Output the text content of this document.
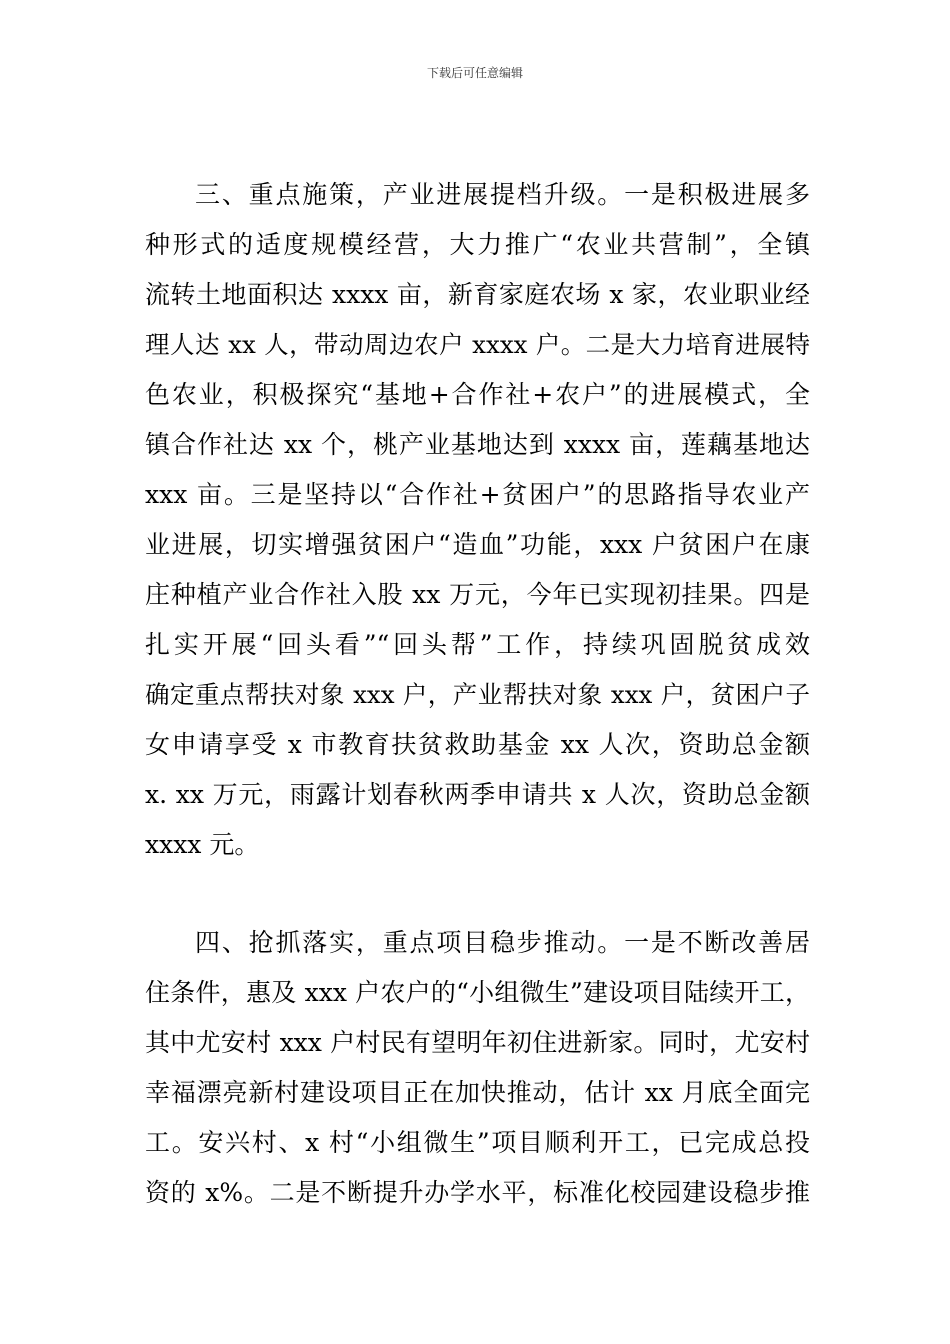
下载后可任意编辑
三、重点施策，产业进展提档升级。一是积极进展多
种形式的适度规模经营，大力推广“农业共营制”，全镇
流转土地面积达 xxxx 亩，新育家庭农场 x 家，农业职业经
理人达 xx 人，带动周边农户 xxxx 户。二是大力培育进展特
色农业，积极探究“基地+合作社+农户”的进展模式，全
镇合作社达 xx 个，桃产业基地达到 xxxx 亩，莲藕基地达
xxx 亩。三是坚持以“合作社+贫困户”的思路指导农业产
业进展，切实增强贫困户“造血”功能，xxx 户贫困户在康
庄种植产业合作社入股 xx 万元，今年已实现初挂果。四是
扎实开展“回头看”“回头帮”工作，持续巩固脱贫成效
确定重点帮扶对象 xxx 户，产业帮扶对象 xxx 户，贫困户子
女申请享受 x 市教育扶贫救助基金 xx 人次，资助总金额
x. xx 万元，雨露计划春秋两季申请共 x 人次，资助总金额
xxxx 元。
四、抢抓落实，重点项目稳步推动。一是不断改善居
住条件，惠及 xxx 户农户的“小组微生”建设项目陆续开工，
其中尤安村 xxx 户村民有望明年初住进新家。同时，尤安村
幸福漂亮新村建设项目正在加快推动，估计 xx 月底全面完
工。安兴村、x 村“小组微生”项目顺利开工，已完成总投
资的 x%。二是不断提升办学水平，标准化校园建设稳步推
